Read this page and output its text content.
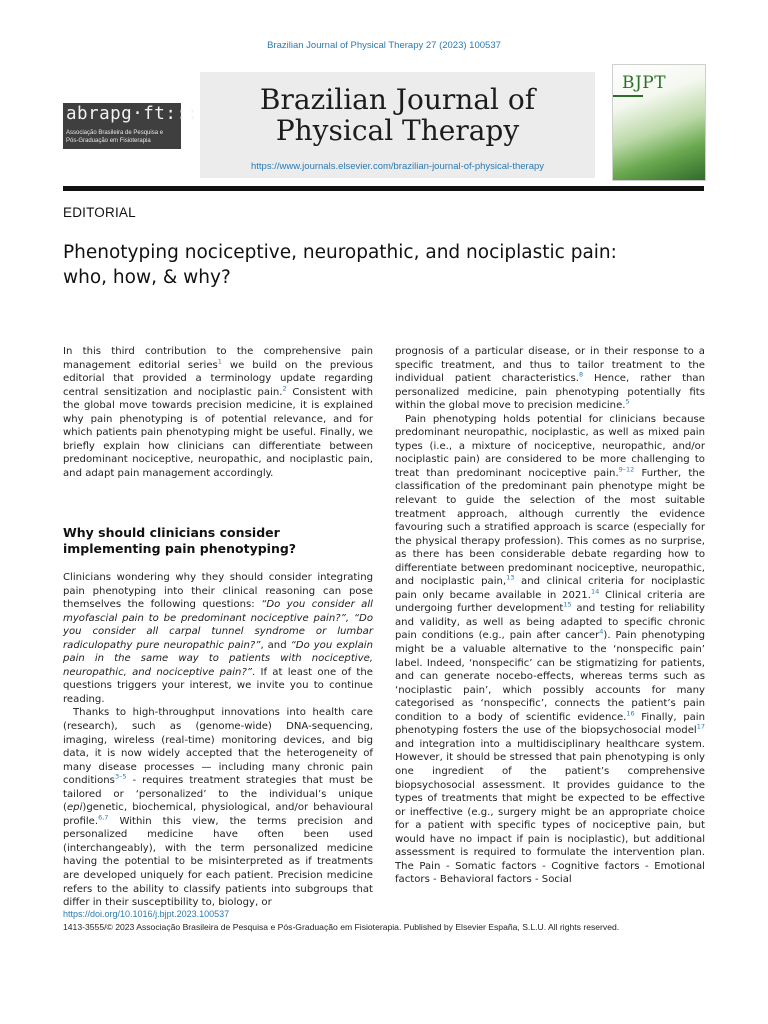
Brazilian Journal of Physical Therapy 27 (2023) 100537
abrapg·ft:::
Associação Brasileira de Pesquisa e
Pós-Graduação em Fisioterapia
Brazilian Journal of
Physical Therapy
https://www.journals.elsevier.com/brazilian-journal-of-physical-therapy
BJPT
EDITORIAL
Phenotyping nociceptive, neuropathic, and nociplastic pain: who, how, & why?

In this third contribution to the comprehensive pain management editorial series$^1$ we build on the previous editorial that provided a terminology update regarding central sensitization and nociplastic pain.$^2$ Consistent with the global move towards precision medicine, it is explained why pain phenotyping is of potential relevance, and for which patients pain phenotyping might be useful. Finally, we briefly explain how clinicians can differentiate between predominant nociceptive, neuropathic, and nociplastic pain, and adapt pain management accordingly.

Why should clinicians consider implementing pain phenotyping?

Clinicians wondering why they should consider integrating pain phenotyping into their clinical reasoning can pose themselves the following questions: “Do you consider all myofascial pain to be predominant nociceptive pain?”, “Do you consider all carpal tunnel syndrome or lumbar radiculopathy pure neuropathic pain?”, and “Do you explain pain in the same way to patients with nociceptive, neuropathic, and nociceptive pain?”. If at least one of the questions triggers your interest, we invite you to continue reading.

Thanks to high-throughput innovations into health care (research), such as (genome-wide) DNA-sequencing, imaging, wireless (real-time) monitoring devices, and big data, it is now widely accepted that the heterogeneity of many disease processes — including many chronic pain conditions$^{3-5}$ - requires treatment strategies that must be tailored or ‘personalized’ to the individual’s unique (epi)genetic, biochemical, physiological, and/or behavioural profile.$^{6,7}$ Within this view, the terms precision and personalized medicine have often been used (interchangeably), with the term personalized medicine having the potential to be misinterpreted as if treatments are developed uniquely for each patient. Precision medicine refers to the ability to classify patients into subgroups that differ in their susceptibility to, biology, or

prognosis of a particular disease, or in their response to a specific treatment, and thus to tailor treatment to the individual patient characteristics.$^8$ Hence, rather than personalized medicine, pain phenotyping potentially fits within the global move to precision medicine.$^5$

Pain phenotyping holds potential for clinicians because predominant neuropathic, nociplastic, as well as mixed pain types (i.e., a mixture of nociceptive, neuropathic, and/or nociplastic pain) are considered to be more challenging to treat than predominant nociceptive pain.$^{9-12}$ Further, the classification of the predominant pain phenotype might be relevant to guide the selection of the most suitable treatment approach, although currently the evidence favouring such a stratified approach is scarce (especially for the physical therapy profession). This comes as no surprise, as there has been considerable debate regarding how to differentiate between predominant nociceptive, neuropathic, and nociplastic pain,$^{13}$ and clinical criteria for nociplastic pain only became available in 2021.14 Clinical criteria are undergoing further development$^{15}$ and testing for reliability and validity, as well as being adapted to specific chronic pain conditions (e.g., pain after cancer$^4$). Pain phenotyping might be a valuable alternative to the ‘nonspecific pain’ label. Indeed, ‘nonspecific’ can be stigmatizing for patients, and can generate nocebo-effects, whereas terms such as ‘nociplastic pain’, which possibly accounts for many categorised as ‘nonspecific’, connects the patient’s pain condition to a body of scientific evidence.$^{16}$ Finally, pain phenotyping fosters the use of the biopsychosocial model$^{17}$ and integration into a multidisciplinary healthcare system. However, it should be stressed that pain phenotyping is only one ingredient of the patient’s comprehensive biopsychosocial assessment. It provides guidance to the types of treatments that might be expected to be effective or ineffective (e.g., surgery might be an appropriate choice for a patient with specific types of nociceptive pain, but would have no impact if pain is nociplastic), but additional assessment is required to formulate the intervention plan. The Pain - Somatic factors - Cognitive factors - Emotional factors - Behavioral factors - Social

https://doi.org/10.1016/j.bjpt.2023.100537
1413-3555/© 2023 Associação Brasileira de Pesquisa e Pós-Graduação em Fisioterapia. Published by Elsevier España, S.L.U. All rights reserved.
